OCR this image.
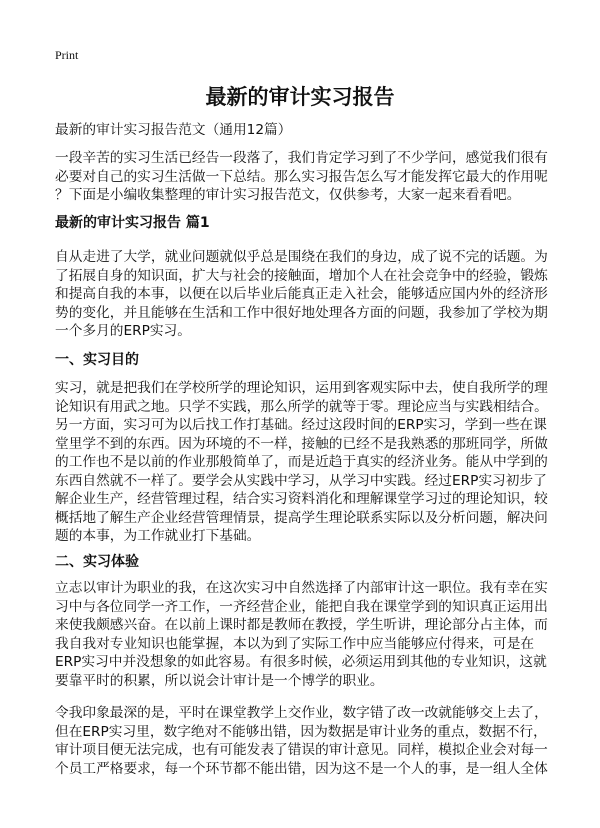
Print
最新的审计实习报告
最新的审计实习报告范文（通用12篇）
一段辛苦的实习生活已经告一段落了，我们肯定学习到了不少学问，感觉我们很有
必要对自己的实习生活做一下总结。那么实习报告怎么写才能发挥它最大的作用呢
？下面是小编收集整理的审计实习报告范文，仅供参考，大家一起来看看吧。
最新的审计实习报告 篇1
自从走进了大学，就业问题就似乎总是围绕在我们的身边，成了说不完的话题。为
了拓展自身的知识面，扩大与社会的接触面，增加个人在社会竞争中的经验，锻炼
和提高自我的本事，以便在以后毕业后能真正走入社会，能够适应国内外的经济形
势的变化，并且能够在生活和工作中很好地处理各方面的问题，我参加了学校为期
一个多月的ERP实习。
一、实习目的
实习，就是把我们在学校所学的理论知识，运用到客观实际中去，使自我所学的理
论知识有用武之地。只学不实践，那么所学的就等于零。理论应当与实践相结合。
另一方面，实习可为以后找工作打基础。经过这段时间的ERP实习，学到一些在课
堂里学不到的东西。因为环境的不一样，接触的已经不是我熟悉的那班同学，所做
的工作也不是以前的作业那般简单了，而是近趋于真实的经济业务。能从中学到的
东西自然就不一样了。要学会从实践中学习，从学习中实践。经过ERP实习初步了
解企业生产，经营管理过程，结合实习资料消化和理解课堂学习过的理论知识，较
概括地了解生产企业经营管理情景，提高学生理论联系实际以及分析问题，解决问
题的本事，为工作就业打下基础。
二、实习体验
立志以审计为职业的我，在这次实习中自然选择了内部审计这一职位。我有幸在实
习中与各位同学一齐工作，一齐经营企业，能把自我在课堂学到的知识真正运用出
来使我颇感兴奋。在以前上课时都是教师在教授，学生听讲，理论部分占主体，而
我自我对专业知识也能掌握，本以为到了实际工作中应当能够应付得来，可是在
ERP实习中并没想象的如此容易。有很多时候，必须运用到其他的专业知识，这就
要靠平时的积累，所以说会计审计是一个博学的职业。
令我印象最深的是，平时在课堂教学上交作业，数字错了改一改就能够交上去了，
但在ERP实习里，数字绝对不能够出错，因为数据是审计业务的重点，数据不行，
审计项目便无法完成，也有可能发表了错误的审计意见。同样，模拟企业会对每一
个员工严格要求，每一个环节都不能出错，因为这不是一个人的事，是一组人全体
